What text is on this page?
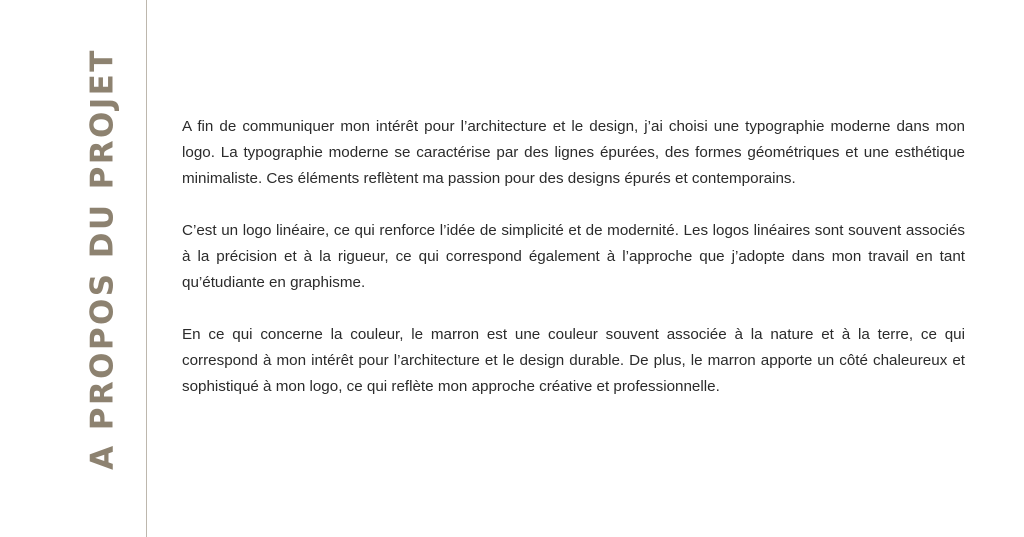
A PROPOS DU PROJET	A fin de communiquer mon intérêt pour l’architecture et le design, j’ai choisi une typographie moderne dans mon logo. La typographie moderne se caractérise par des lignes épurées, des formes géométriques et une esthétique minimaliste. Ces éléments reflètent ma passion pour des designs épurés et contemporains.

C’est un logo linéaire, ce qui renforce l’idée de simplicité et de modernité. Les logos linéaires sont souvent associés à la précision et à la rigueur, ce qui correspond également à l’approche que j’adopte dans mon travail en tant qu’étudiante en graphisme.

En ce qui concerne la couleur, le marron est une couleur souvent associée à la nature et à la terre, ce qui correspond à mon intérêt pour l’architecture et le design durable. De plus, le marron apporte un côté chaleureux et sophistiqué à mon logo, ce qui reflète mon approche créative et professionnelle.
